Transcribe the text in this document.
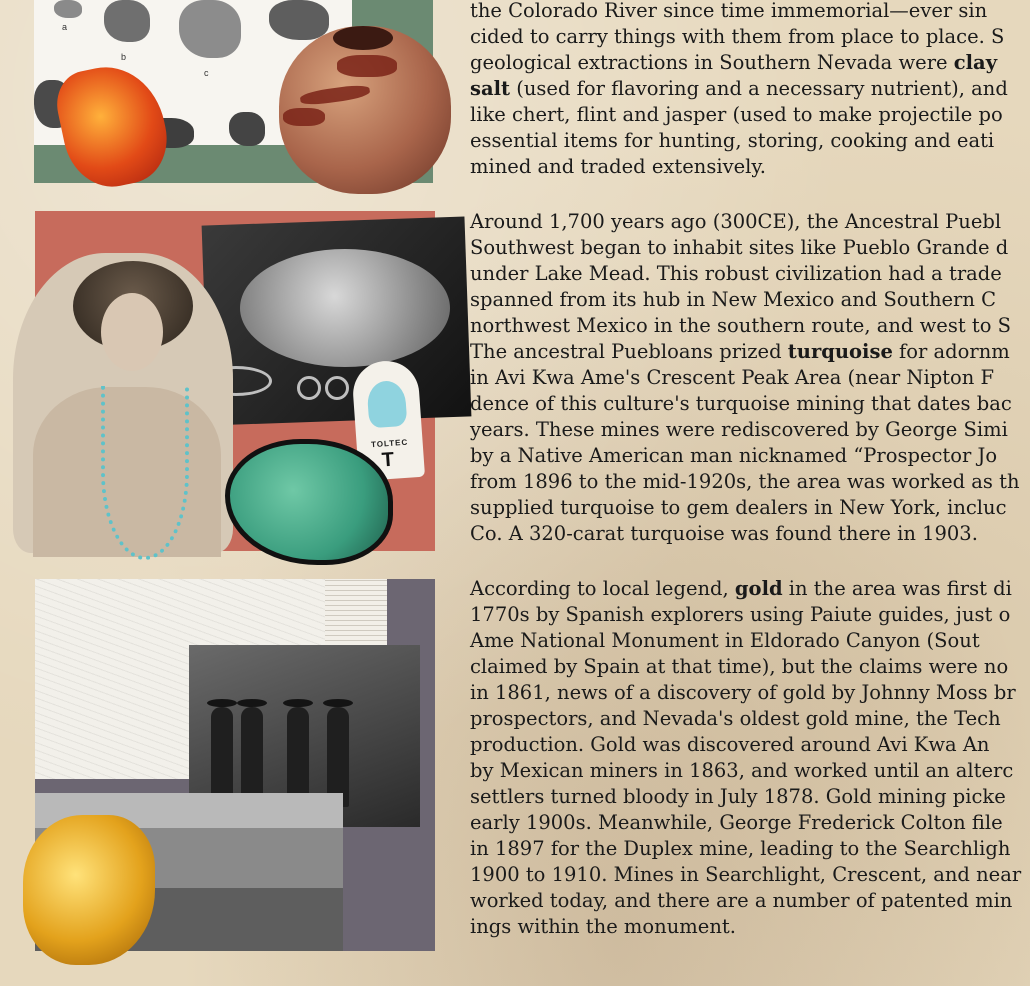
a
b
c
TOLTEC
T
the Colorado River since time immemorial—ever sin
cided to carry things with them from place to place. S
geological extractions in Southern Nevada were clay
salt (used for flavoring and a necessary nutrient), and
like chert, flint and jasper (used to make projectile po
essential items for hunting, storing, cooking and eati
mined and traded extensively.
Around 1,700 years ago (300CE), the Ancestral Puebl
Southwest began to inhabit sites like Pueblo Grande d
under Lake Mead. This robust civilization had a trade
spanned from its hub in New Mexico and Southern C
northwest Mexico in the southern route, and west to S
The ancestral Puebloans prized turquoise for adornm
in Avi Kwa Ame's Crescent Peak Area (near Nipton F
dence of this culture's turquoise mining that dates bac
years. These mines were rediscovered by George Simi
by a Native American man nicknamed “Prospector Jo
from 1896 to the mid-1920s, the area was worked as th
supplied turquoise to gem dealers in New York, incluc
Co. A 320-carat turquoise was found there in 1903.
According to local legend, gold in the area was first di
1770s by Spanish explorers using Paiute guides, just o
Ame National Monument in Eldorado Canyon (Sout
claimed by Spain at that time), but the claims were no
in 1861, news of a discovery of gold by Johnny Moss br
prospectors, and Nevada's oldest gold mine, the Tech
production. Gold was discovered around Avi Kwa An
by Mexican miners in 1863, and worked until an alterc
settlers turned bloody in July 1878. Gold mining picke
early 1900s. Meanwhile, George Frederick Colton file
in 1897 for the Duplex mine, leading to the Searchligh
1900 to 1910. Mines in Searchlight, Crescent, and near
worked today, and there are a number of patented min
ings within the monument.
